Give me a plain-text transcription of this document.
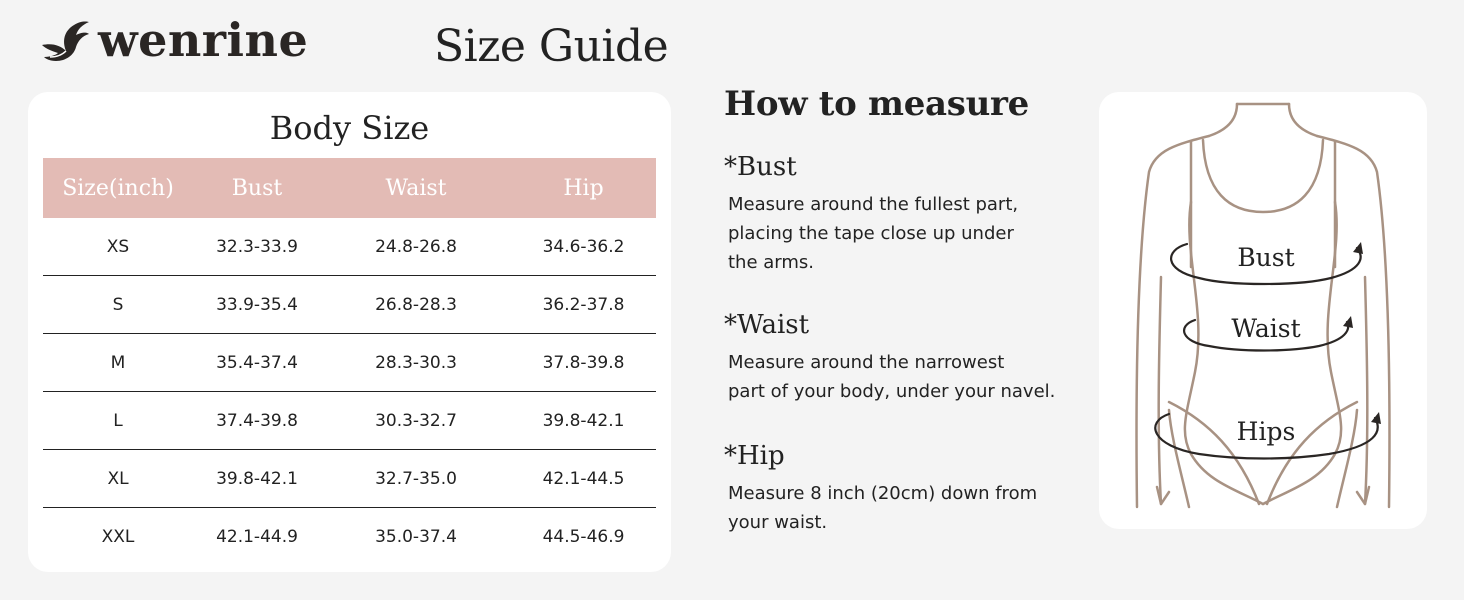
wenrine	Size Guide
Body Size
Size(inch)	Bust	Waist	Hip
XS	32.3-33.9	24.8-26.8	34.6-36.2
S	33.9-35.4	26.8-28.3	36.2-37.8
M	35.4-37.4	28.3-30.3	37.8-39.8
L	37.4-39.8	30.3-32.7	39.8-42.1
XL	39.8-42.1	32.7-35.0	42.1-44.5
XXL	42.1-44.9	35.0-37.4	44.5-46.9
How to measure
*Bust
Measure around the fullest part,
placing the tape close up under
the arms.
*Waist
Measure around the narrowest
part of your body, under your navel.
*Hip
Measure 8 inch (20cm) down from
your waist.
Bust
Waist
Hips
